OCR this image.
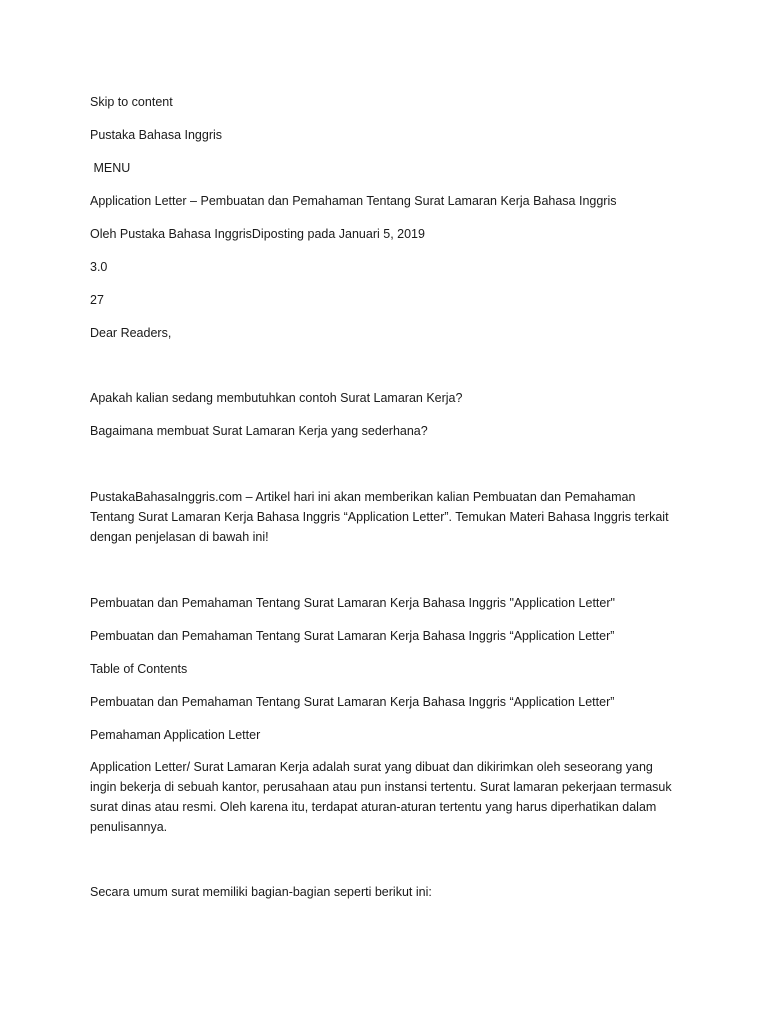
Skip to content

Pustaka Bahasa Inggris

MENU

Application Letter – Pembuatan dan Pemahaman Tentang Surat Lamaran Kerja Bahasa Inggris

Oleh Pustaka Bahasa InggrisDiposting pada Januari 5, 2019

3.0

27

Dear Readers,

Apakah kalian sedang membutuhkan contoh Surat Lamaran Kerja?

Bagaimana membuat Surat Lamaran Kerja yang sederhana?

PustakaBahasaInggris.com – Artikel hari ini akan memberikan kalian Pembuatan dan Pemahaman
Tentang Surat Lamaran Kerja Bahasa Inggris “Application Letter”. Temukan Materi Bahasa Inggris terkait
dengan penjelasan di bawah ini!

Pembuatan dan Pemahaman Tentang Surat Lamaran Kerja Bahasa Inggris "Application Letter"

Pembuatan dan Pemahaman Tentang Surat Lamaran Kerja Bahasa Inggris “Application Letter”

Table of Contents

Pembuatan dan Pemahaman Tentang Surat Lamaran Kerja Bahasa Inggris “Application Letter”

Pemahaman Application Letter

Application Letter/ Surat Lamaran Kerja adalah surat yang dibuat dan dikirimkan oleh seseorang yang
ingin bekerja di sebuah kantor, perusahaan atau pun instansi tertentu. Surat lamaran pekerjaan termasuk
surat dinas atau resmi. Oleh karena itu, terdapat aturan-aturan tertentu yang harus diperhatikan dalam
penulisannya.

Secara umum surat memiliki bagian-bagian seperti berikut ini:
